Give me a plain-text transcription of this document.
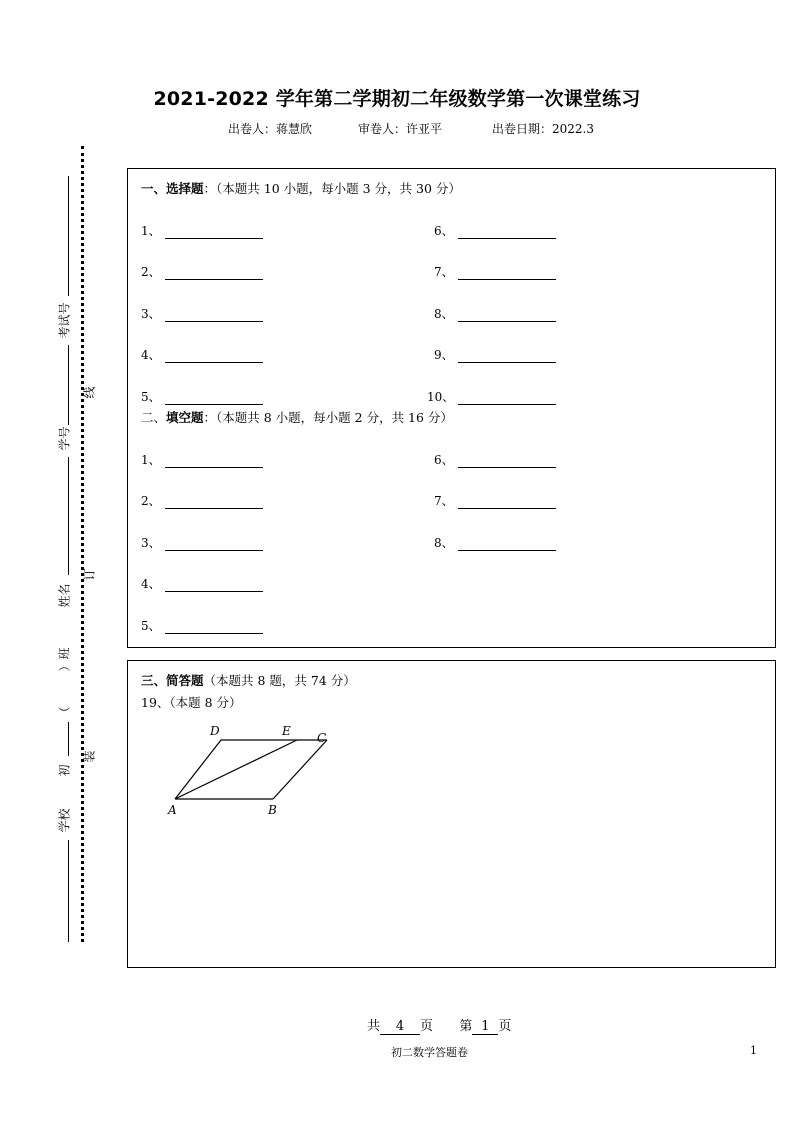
2021-2022 学年第二学期初二年级数学第一次课堂练习
出卷人：蒋慧欣	审卷人：许亚平	出卷日期：2022.3
考试号
线
学号
订
姓名
）班
（
装
初
学校
一、选择题：（本题共 10 小题，每小题 3 分，共 30 分）
1、
2、
3、
4、
5、
6、
7、
8、
9、
10、
二、填空题：（本题共 8 小题，每小题 2 分，共 16 分）
1、
2、
3、
4、
5、
6、
7、
8、
三、简答题（本题共 8 题，共 74 分）
19、（本题 8 分）
A	B
C
D	E
共 4 页 第 1 页
初二数学答题卷	1
